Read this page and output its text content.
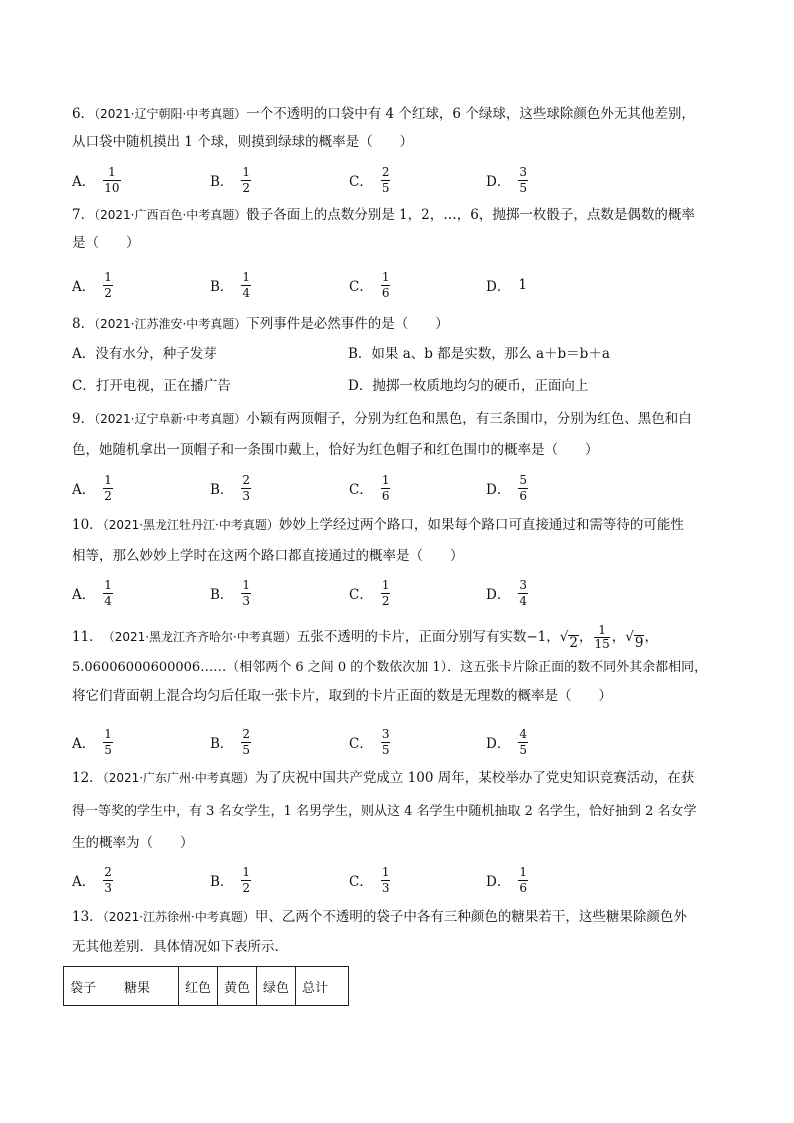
6．（2021·辽宁朝阳·中考真题）一个不透明的口袋中有 4 个红球，6 个绿球，这些球除颜色外无其他差别，
从口袋中随机摸出 1 个球，则摸到绿球的概率是（　　）
A． $\frac{1}{10}$	B． $\frac{1}{2}$	C． $\frac{2}{5}$	D． $\frac{3}{5}$
7．（2021·广西百色·中考真题）骰子各面上的点数分别是 1，2，…，6，抛掷一枚骰子，点数是偶数的概率
是（　　）
A． $\frac{1}{2}$	B． $\frac{1}{4}$	C． $\frac{1}{6}$	D． 1
8．（2021·江苏淮安·中考真题）下列事件是必然事件的是（　　）
A．没有水分，种子发芽	B．如果 a、b 都是实数，那么 a＋b＝b＋a
C．打开电视，正在播广告	D．抛掷一枚质地均匀的硬币，正面向上
9．（2021·辽宁阜新·中考真题）小颖有两顶帽子，分别为红色和黑色，有三条围巾，分别为红色、黑色和白
色，她随机拿出一顶帽子和一条围巾戴上，恰好为红色帽子和红色围巾的概率是（　　）
A． $\frac{1}{2}$	B． $\frac{2}{3}$	C． $\frac{1}{6}$	D． $\frac{5}{6}$
10．（2021·黑龙江牡丹江·中考真题）妙妙上学经过两个路口，如果每个路口可直接通过和需等待的可能性
相等，那么妙妙上学时在这两个路口都直接通过的概率是（　　）
A． $\frac{1}{4}$	B． $\frac{1}{3}$	C． $\frac{1}{2}$	D． $\frac{3}{4}$
11． （2021·黑龙江齐齐哈尔·中考真题） 五张不透明的卡片，正面分别写有实数−1， √ 2 ， $\frac{1}{15}$ ， √ 9 ，
5.06006000600006……（相邻两个 6 之间 0 的个数依次加 1）．这五张卡片除正面的数不同外其余都相同，
将它们背面朝上混合均匀后任取一张卡片，取到的卡片正面的数是无理数的概率是（　　）
A． $\frac{1}{5}$	B． $\frac{2}{5}$	C． $\frac{3}{5}$	D． $\frac{4}{5}$
12．（2021·广东广州·中考真题）为了庆祝中国共产党成立 100 周年，某校举办了党史知识竞赛活动，在获
得一等奖的学生中，有 3 名女学生，1 名男学生，则从这 4 名学生中随机抽取 2 名学生，恰好抽到 2 名女学
生的概率为（　　）
A． $\frac{2}{3}$	B． $\frac{1}{2}$	C． $\frac{1}{3}$	D． $\frac{1}{6}$
13．（2021·江苏徐州·中考真题）甲、乙两个不透明的袋子中各有三种颜色的糖果若干，这些糖果除颜色外
无其他差别．具体情况如下表所示．
袋子 糖果	红色	黄色	绿色	总计
